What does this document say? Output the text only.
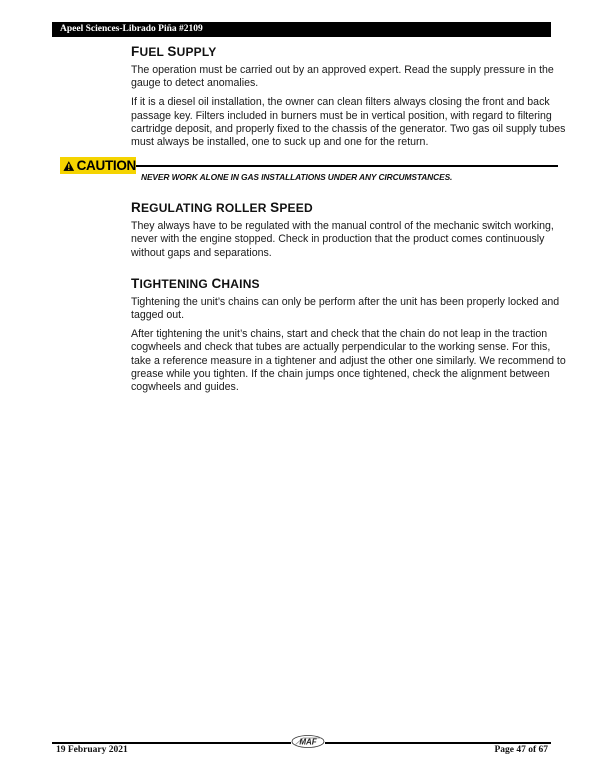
Apeel Sciences-Librado Piña #2109
FUEL SUPPLY

The operation must be carried out by an approved expert. Read the supply pressure in the gauge to detect anomalies.

If it is a diesel oil installation, the owner can clean filters always closing the front and back passage key. Filters included in burners must be in vertical position, with regard to filtering cartridge deposit, and properly fixed to the chassis of the generator. Two gas oil supply tubes must always be installed, one to suck up and one for the return.

REGULATING ROLLER SPEED

They always have to be regulated with the manual control of the mechanic switch working, never with the engine stopped. Check in production that the product comes continuously without gaps and separations.

TIGHTENING CHAINS

Tightening the unit’s chains can only be perform after the unit has been properly locked and tagged out.

After tightening the unit’s chains, start and check that the chain do not leap in the traction cogwheels and check that tubes are actually perpendicular to the working sense. For this, take a reference measure in a tightener and adjust the other one similarly. We recommend to grease while you tighten. If the chain jumps once tightened, check the alignment between cogwheels and guides.

CAUTION
NEVER WORK ALONE IN GAS INSTALLATIONS UNDER ANY CIRCUMSTANCES.
19 February 2021
MAF
Page 47 of 67
